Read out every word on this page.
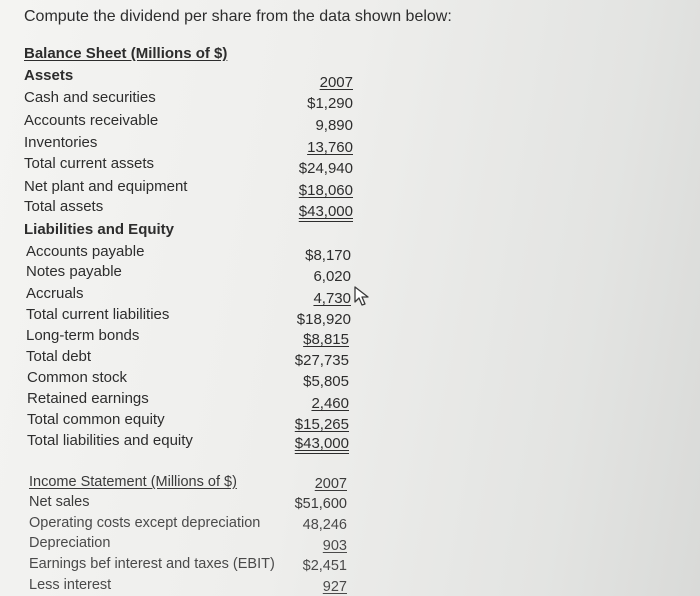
Compute the dividend per share from the data shown below:
Balance Sheet (Millions of $)
Assets	2007
Cash and securities	$1,290
Accounts receivable	9,890
Inventories	13,760
Total current assets	$24,940
Net plant and equipment	$18,060
Total assets	$43,000
Liabilities and Equity
Accounts payable	$8,170
Notes payable	6,020
Accruals	4,730
Total current liabilities	$18,920
Long-term bonds	$8,815
Total debt	$27,735
Common stock	$5,805
Retained earnings	2,460
Total common equity	$15,265
Total liabilities and equity	$43,000
Income Statement (Millions of $)	2007
Net sales	$51,600
Operating costs except depreciation	48,246
Depreciation	903
Earnings bef interest and taxes (EBIT) $2,451
Less interest	927
